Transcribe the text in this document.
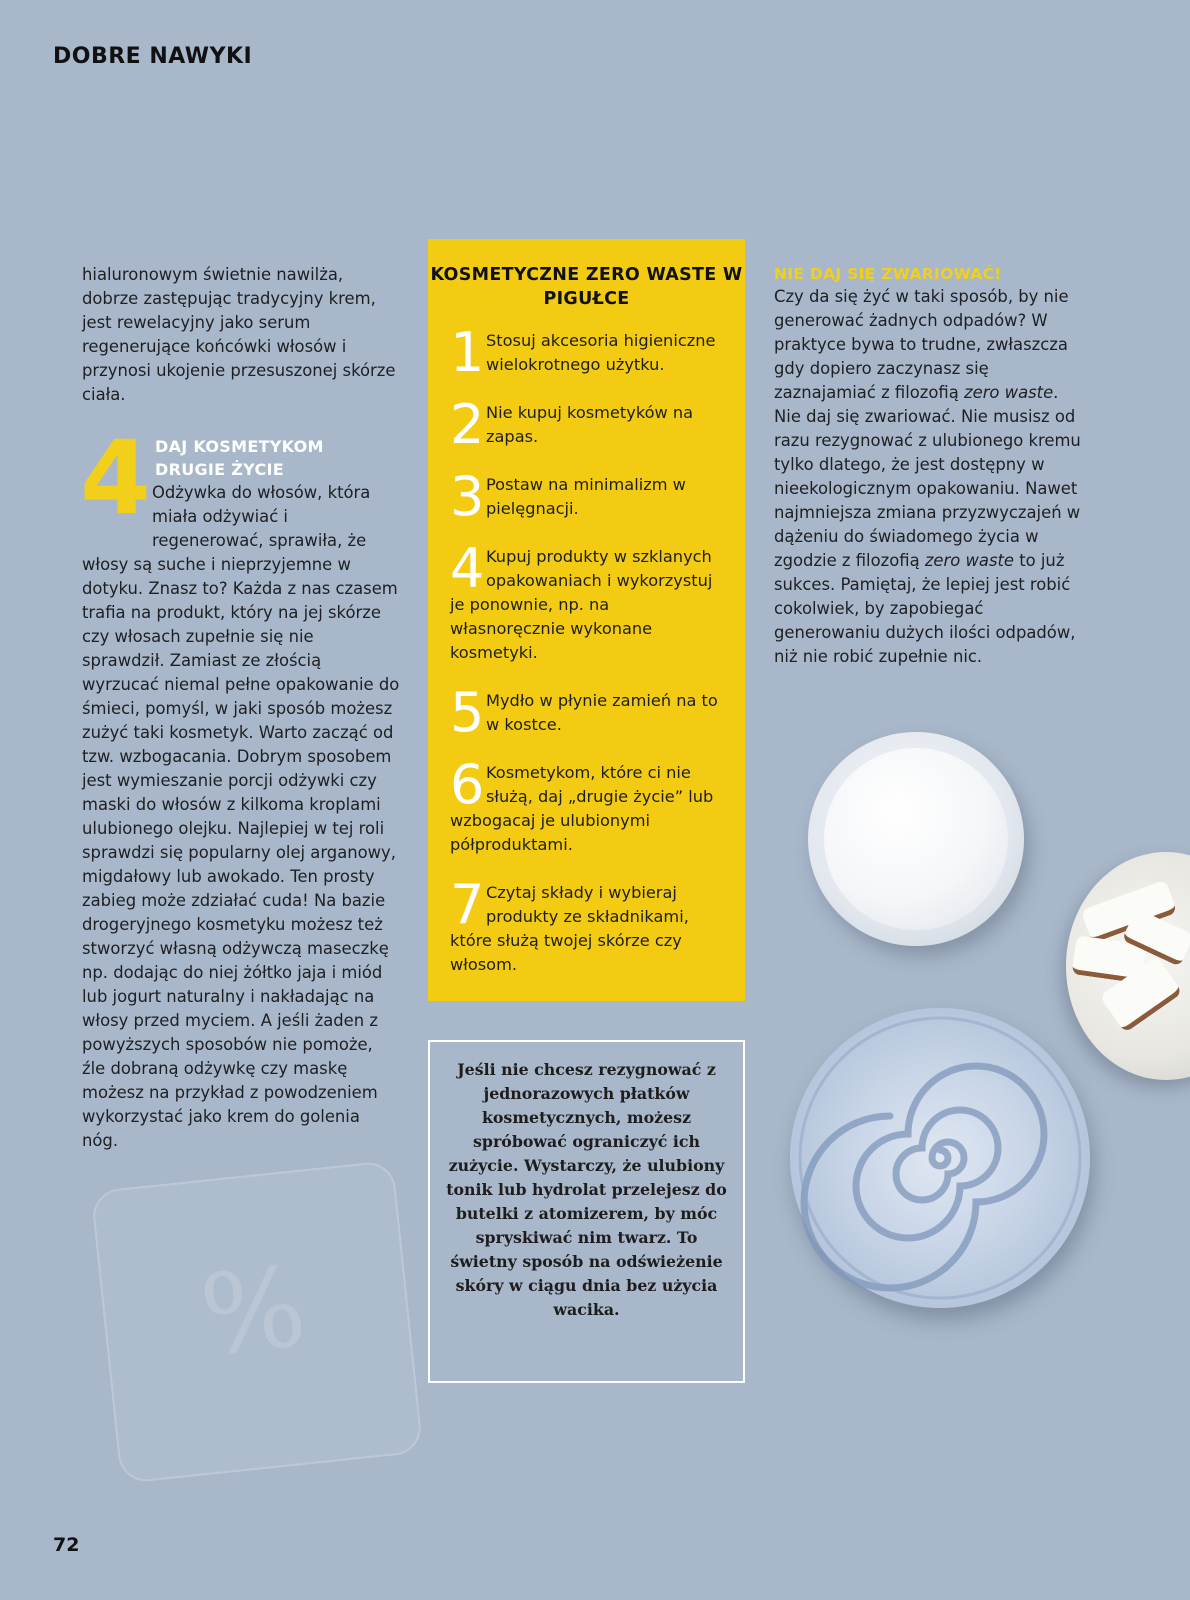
DOBRE NAWYKI
%

hialuronowym świetnie nawilża, dobrze zastępując tradycyjny krem, jest rewelacyjny jako serum regenerujące końcówki włosów i przynosi ukojenie przesuszonej skórze ciała.

4 DAJ KOSMETYKOM DRUGIE ŻYCIE

Odżywka do włosów, która miała odżywiać i regenerować, sprawiła, że włosy są suche i nieprzyjemne w dotyku. Znasz to? Każda z nas czasem trafia na produkt, który na jej skórze czy włosach zupełnie się nie sprawdził. Zamiast ze złością wyrzucać niemal pełne opakowanie do śmieci, pomyśl, w jaki sposób możesz zużyć taki kosmetyk. Warto zacząć od tzw. wzbogacania. Dobrym sposobem jest wymieszanie porcji odżywki czy maski do włosów z kilkoma kroplami ulubionego olejku. Najlepiej w tej roli sprawdzi się popularny olej arganowy, migdałowy lub awokado. Ten prosty zabieg może zdziałać cuda! Na bazie drogeryjnego kosmetyku możesz też stworzyć własną odżywczą maseczkę np. dodając do niej żółtko jaja i miód lub jogurt naturalny i nakładając na włosy przed myciem. A jeśli żaden z powyższych sposobów nie pomoże, źle dobraną odżywkę czy maskę możesz na przykład z powodzeniem wykorzystać jako krem do golenia nóg.

KOSMETYCZNE ZERO WASTE W PIGUŁCE
1 Stosuj akcesoria higieniczne wielokrotnego użytku.
2 Nie kupuj kosmetyków na zapas.
3 Postaw na minimalizm w pielęgnacji.
4 Kupuj produkty w szklanych opakowaniach i wykorzystuj je ponownie, np. na własnoręcznie wykonane kosmetyki.
5 Mydło w płynie zamień na to w kostce.
6 Kosmetykom, które ci nie służą, daj „drugie życie” lub wzbogacaj je ulubionymi półproduktami.
7 Czytaj składy i wybieraj produkty ze składnikami, które służą twojej skórze czy włosom.

Jeśli nie chcesz rezygnować z jednorazowych płatków kosmetycznych, możesz spróbować ograniczyć ich zużycie. Wystarczy, że ulubiony tonik lub hydrolat przelejesz do butelki z atomizerem, by móc spryskiwać nim twarz. To świetny sposób na odświeżenie skóry w ciągu dnia bez użycia wacika.

NIE DAJ SIĘ ZWARIOWAĆ!

Czy da się żyć w taki sposób, by nie generować żadnych odpadów? W praktyce bywa to trudne, zwłaszcza gdy dopiero zaczynasz się zaznajamiać z filozofią zero waste. Nie daj się zwariować. Nie musisz od razu rezygnować z ulubionego kremu tylko dlatego, że jest dostępny w nieekologicznym opakowaniu. Nawet najmniejsza zmiana przyzwyczajeń w dążeniu do świadomego życia w zgodzie z filozofią zero waste to już sukces. Pamiętaj, że lepiej jest robić cokolwiek, by zapobiegać generowaniu dużych ilości odpadów, niż nie robić zupełnie nic.

72
